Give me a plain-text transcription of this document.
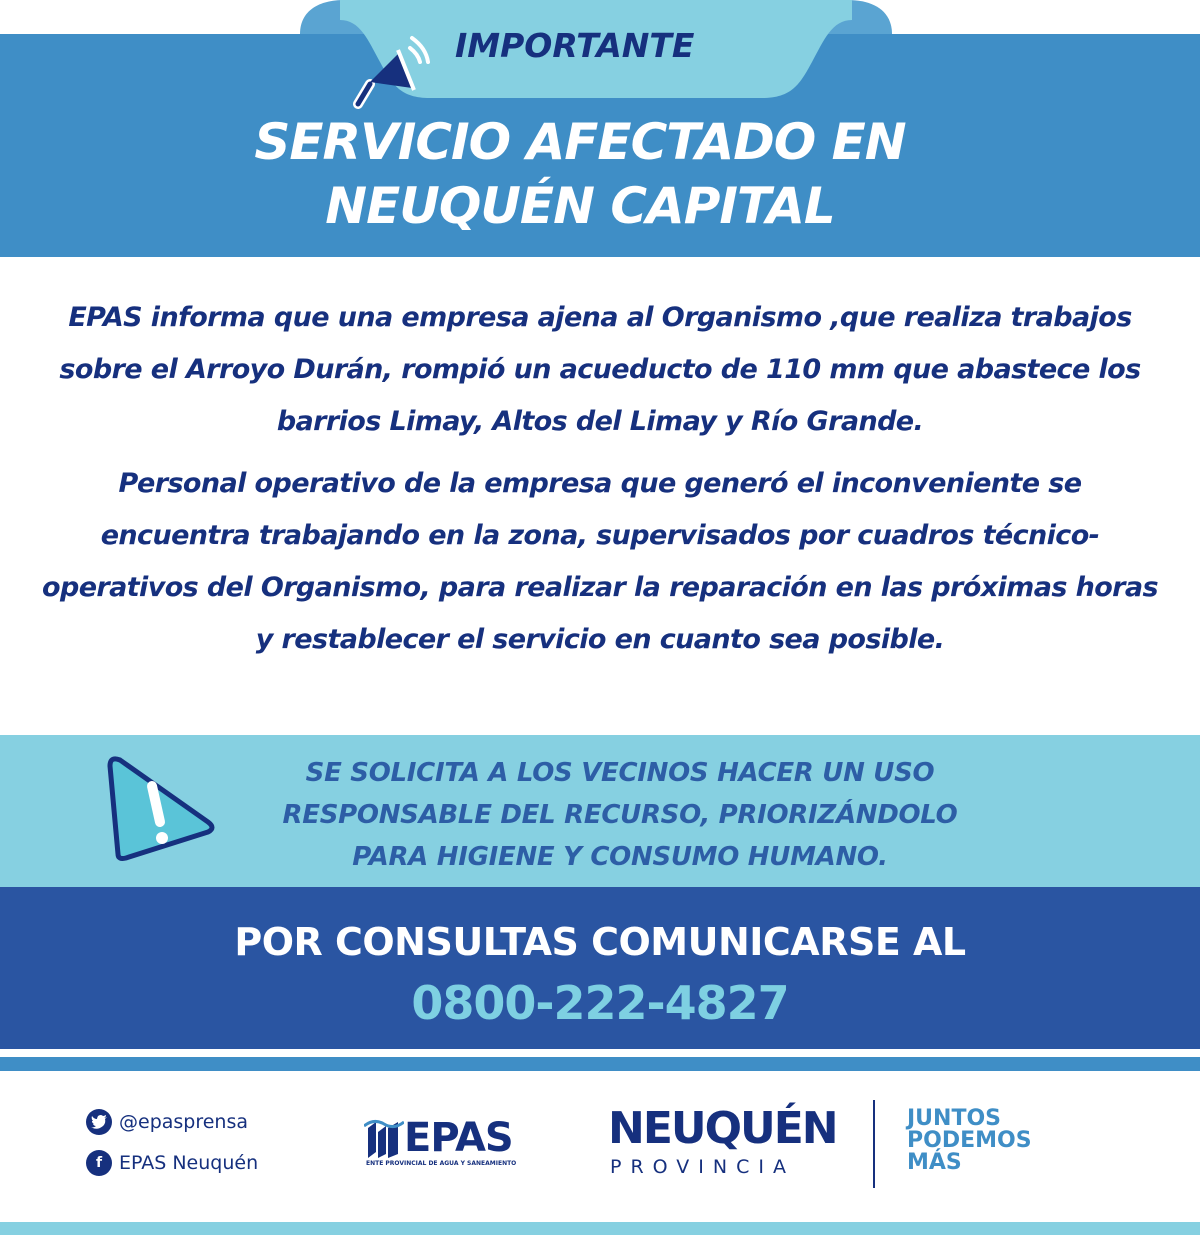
IMPORTANTE
SERVICIO AFECTADO EN
NEUQUÉN CAPITAL

EPAS informa que una empresa ajena al Organismo ,que realiza trabajos sobre el Arroyo Durán, rompió un acueducto de 110 mm que abastece los barrios Limay, Altos del Limay y Río Grande.

Personal operativo de la empresa que generó el inconveniente se encuentra trabajando en la zona, supervisados por cuadros técnico-operativos del Organismo, para realizar la reparación en las próximas horas y restablecer el servicio en cuanto sea posible.

SE SOLICITA A LOS VECINOS HACER UN USO
RESPONSABLE DEL RECURSO, PRIORIZÁNDOLO
PARA HIGIENE Y CONSUMO HUMANO.
POR CONSULTAS COMUNICARSE AL
0800-222-4827
@epasprensa
f EPAS Neuquén
EPAS
ENTE PROVINCIAL DE AGUA Y SANEAMIENTO
NEUQUÉN
PROVINCIA
JUNTOS
PODEMOS
MÁS
